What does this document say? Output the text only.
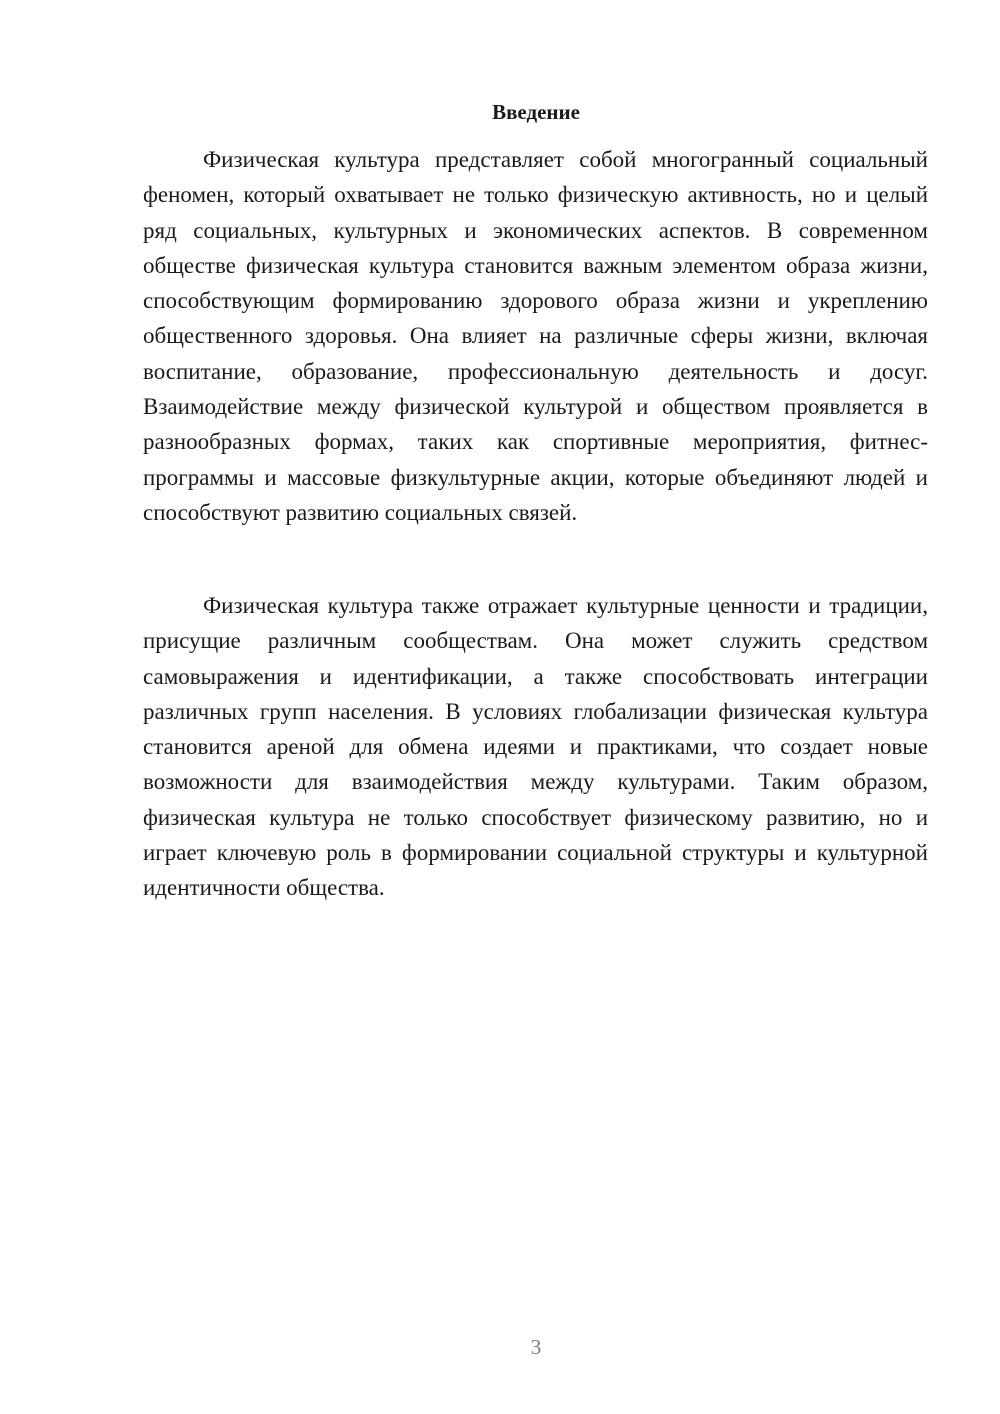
Введение

Физическая культура представляет собой многогранный социальный феномен, который охватывает не только физическую активность, но и целый ряд социальных, культурных и экономических аспектов. В современном обществе физическая культура становится важным элементом образа жизни, способствующим формированию здорового образа жизни и укреплению общественного здоровья. Она влияет на различные сферы жизни, включая воспитание, образование, профессиональную деятельность и досуг. Взаимодействие между физической культурой и обществом проявляется в разнообразных формах, таких как спортивные мероприятия, фитнес-программы и массовые физкультурные акции, которые объединяют людей и способствуют развитию социальных связей.

Физическая культура также отражает культурные ценности и традиции, присущие различным сообществам. Она может служить средством самовыражения и идентификации, а также способствовать интеграции различных групп населения. В условиях глобализации физическая культура становится ареной для обмена идеями и практиками, что создает новые возможности для взаимодействия между культурами. Таким образом, физическая культура не только способствует физическому развитию, но и играет ключевую роль в формировании социальной структуры и культурной идентичности общества.

3
